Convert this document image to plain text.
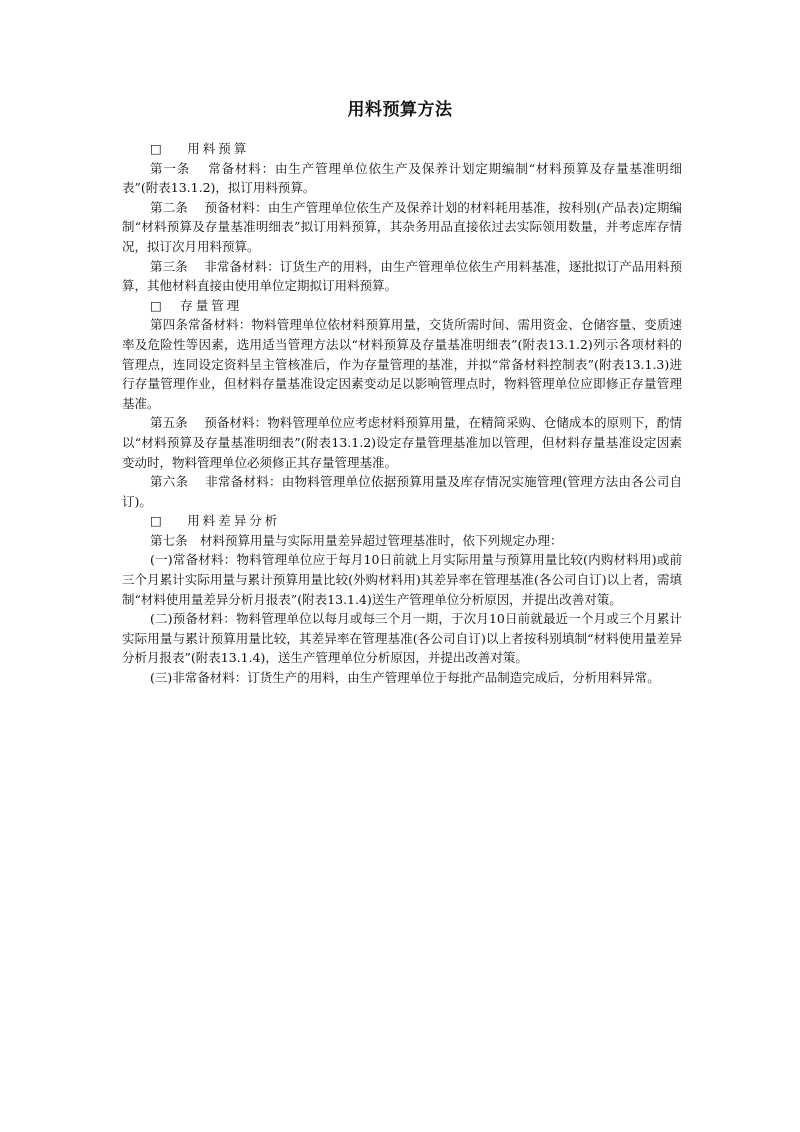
用料预算方法

□　 用料预算

第一条　 常备材料：由生产管理单位依生产及保养计划定期编制“材料预算及存量基准明细表”(附表13.1.2)，拟订用料预算。

第二条　 预备材料：由生产管理单位依生产及保养计划的材料耗用基准，按科别(产品表)定期编制“材料预算及存量基准明细表”拟订用料预算，其杂务用品直接依过去实际领用数量，并考虑库存情况，拟订次月用料预算。

第三条　 非常备材料：订货生产的用料，由生产管理单位依生产用料基准，逐批拟订产品用料预算，其他材料直接由使用单位定期拟订用料预算。

□　存量管理

第四条常备材料：物料管理单位依材料预算用量，交货所需时间、需用资金、仓储容量、变质速率及危险性等因素，选用适当管理方法以“材料预算及存量基准明细表”(附表13.1.2)列示各项材料的管理点，连同设定资料呈主管核准后，作为存量管理的基准，并拟“常备材料控制表”(附表13.1.3)进行存量管理作业，但材料存量基准设定因素变动足以影响管理点时，物料管理单位应即修正存量管理基准。

第五条　 预备材料：物料管理单位应考虑材料预算用量，在精简采购、仓储成本的原则下，酌情以“材料预算及存量基准明细表”(附表13.1.2)设定存量管理基准加以管理，但材料存量基准设定因素变动时，物料管理单位必须修正其存量管理基准。

第六条　 非常备材料：由物料管理单位依据预算用量及库存情况实施管理(管理方法由各公司自订)。

□　 用料差异分析

第七条　材料预算用量与实际用量差异超过管理基准时，依下列规定办理：

(一)常备材料：物料管理单位应于每月10日前就上月实际用量与预算用量比较(内购材料用)或前三个月累计实际用量与累计预算用量比较(外购材料用)其差异率在管理基准(各公司自订)以上者，需填制“材料使用量差异分析月报表”(附表13.1.4)送生产管理单位分析原因，并提出改善对策。

(二)预备材料：物料管理单位以每月或每三个月一期，于次月10日前就最近一个月或三个月累计实际用量与累计预算用量比较，其差异率在管理基准(各公司自订)以上者按科别填制“材料使用量差异分析月报表”(附表13.1.4)，送生产管理单位分析原因，并提出改善对策。

(三)非常备材料：订货生产的用料，由生产管理单位于每批产品制造完成后，分析用料异常。
